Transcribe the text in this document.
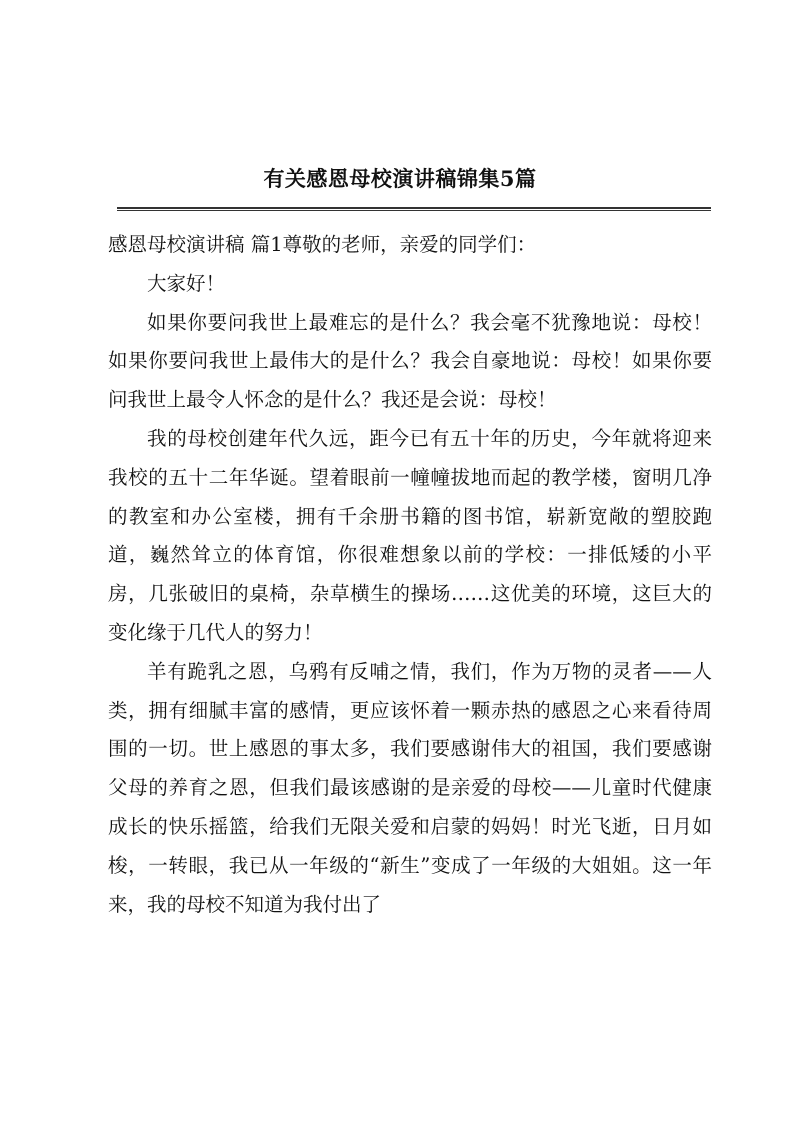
有关感恩母校演讲稿锦集5篇

感恩母校演讲稿 篇1尊敬的老师，亲爱的同学们：

大家好！

如果你要问我世上最难忘的是什么？我会毫不犹豫地说：母校！如果你要问我世上最伟大的是什么？我会自豪地说：母校！如果你要问我世上最令人怀念的是什么？我还是会说：母校！

我的母校创建年代久远，距今已有五十年的历史，今年就将迎来我校的五十二年华诞。望着眼前一幢幢拔地而起的教学楼，窗明几净的教室和办公室楼，拥有千余册书籍的图书馆，崭新宽敞的塑胶跑道，巍然耸立的体育馆，你很难想象以前的学校：一排低矮的小平房，几张破旧的桌椅，杂草横生的操场……这优美的环境，这巨大的变化缘于几代人的努力！

羊有跪乳之恩，乌鸦有反哺之情，我们，作为万物的灵者——人类，拥有细腻丰富的感情，更应该怀着一颗赤热的感恩之心来看待周围的一切。世上感恩的事太多，我们要感谢伟大的祖国，我们要感谢父母的养育之恩，但我们最该感谢的是亲爱的母校——儿童时代健康成长的快乐摇篮，给我们无限关爱和启蒙的妈妈！时光飞逝，日月如梭，一转眼，我已从一年级的“新生”变成了一年级的大姐姐。这一年来，我的母校不知道为我付出了
